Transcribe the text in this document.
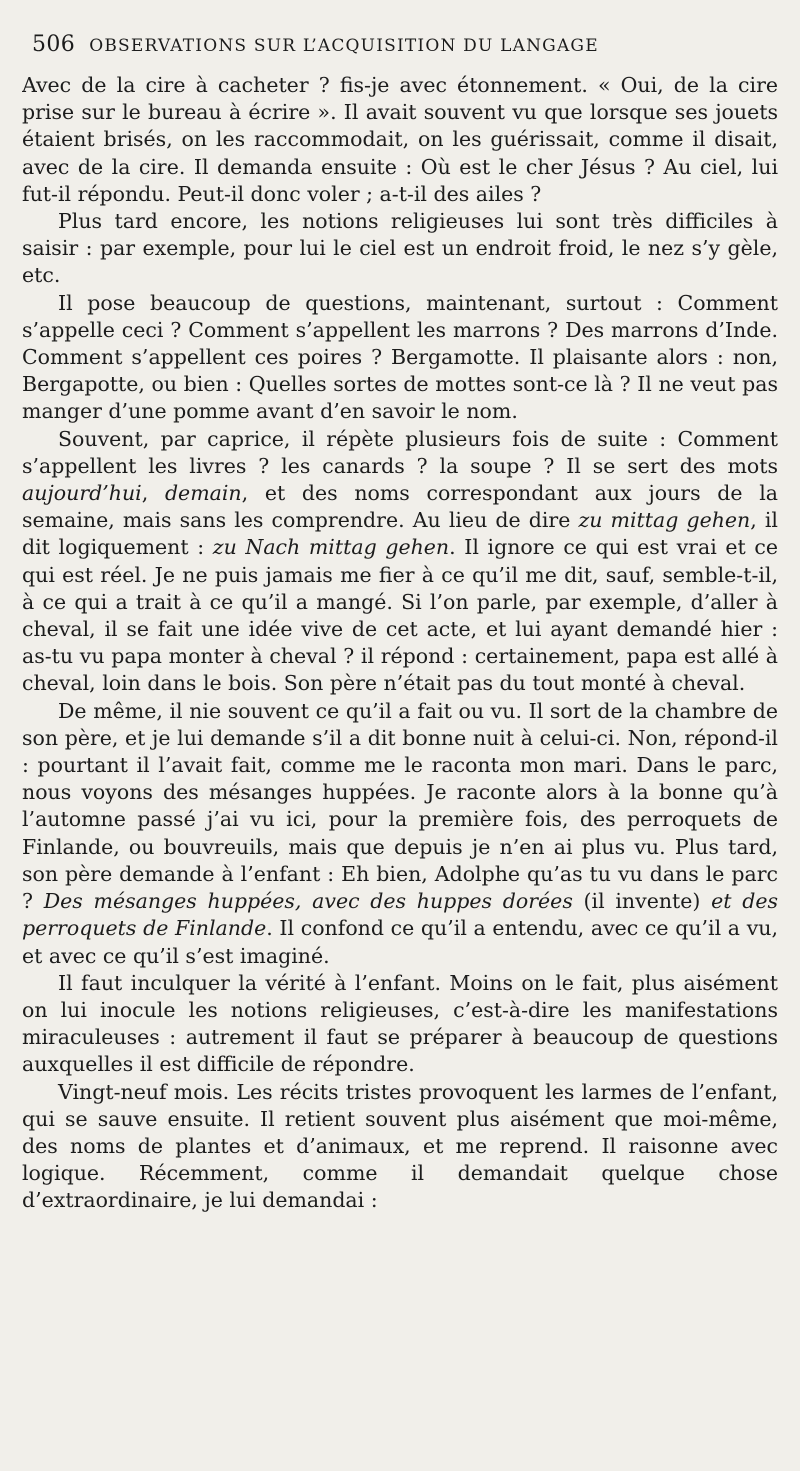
506 OBSERVATIONS SUR L’ACQUISITION DU LANGAGE

Avec de la cire à cacheter ? fis-je avec étonnement. « Oui, de la cire prise sur le bureau à écrire ». Il avait souvent vu que lorsque ses jouets étaient brisés, on les raccommodait, on les guérissait, comme il disait, avec de la cire. Il demanda ensuite : Où est le cher Jésus ? Au ciel, lui fut-il répondu. Peut-il donc voler ; a-t-il des ailes ?

Plus tard encore, les notions religieuses lui sont très difficiles à saisir : par exemple, pour lui le ciel est un endroit froid, le nez s’y gèle, etc.

Il pose beaucoup de questions, maintenant, surtout : Comment s’appelle ceci ? Comment s’appellent les marrons ? Des marrons d’Inde. Comment s’appellent ces poires ? Bergamotte. Il plaisante alors : non, Bergapotte, ou bien : Quelles sortes de mottes sont-ce là ? Il ne veut pas manger d’une pomme avant d’en savoir le nom.

Souvent, par caprice, il répète plusieurs fois de suite : Comment s’appellent les livres ? les canards ? la soupe ? Il se sert des mots aujourd’hui, demain, et des noms correspondant aux jours de la semaine, mais sans les comprendre. Au lieu de dire zu mittag gehen, il dit logiquement : zu Nach mittag gehen. Il ignore ce qui est vrai et ce qui est réel. Je ne puis jamais me fier à ce qu’il me dit, sauf, semble-t-il, à ce qui a trait à ce qu’il a mangé. Si l’on parle, par exemple, d’aller à cheval, il se fait une idée vive de cet acte, et lui ayant demandé hier : as-tu vu papa monter à cheval ? il répond : certainement, papa est allé à cheval, loin dans le bois. Son père n’était pas du tout monté à cheval.

De même, il nie souvent ce qu’il a fait ou vu. Il sort de la chambre de son père, et je lui demande s’il a dit bonne nuit à celui-ci. Non, répond-il : pourtant il l’avait fait, comme me le raconta mon mari. Dans le parc, nous voyons des mésanges huppées. Je raconte alors à la bonne qu’à l’automne passé j’ai vu ici, pour la première fois, des perroquets de Finlande, ou bouvreuils, mais que depuis je n’en ai plus vu. Plus tard, son père demande à l’enfant : Eh bien, Adolphe qu’as tu vu dans le parc ? Des mésanges huppées, avec des huppes dorées (il invente) et des perroquets de Finlande. Il confond ce qu’il a entendu, avec ce qu’il a vu, et avec ce qu’il s’est imaginé.

Il faut inculquer la vérité à l’enfant. Moins on le fait, plus aisément on lui inocule les notions religieuses, c’est-à-dire les manifestations miraculeuses : autrement il faut se préparer à beaucoup de questions auxquelles il est difficile de répondre.

Vingt-neuf mois. Les récits tristes provoquent les larmes de l’enfant, qui se sauve ensuite. Il retient souvent plus aisément que moi-même, des noms de plantes et d’animaux, et me reprend. Il raisonne avec logique. Récemment, comme il demandait quelque chose d’extraordinaire, je lui demandai :
